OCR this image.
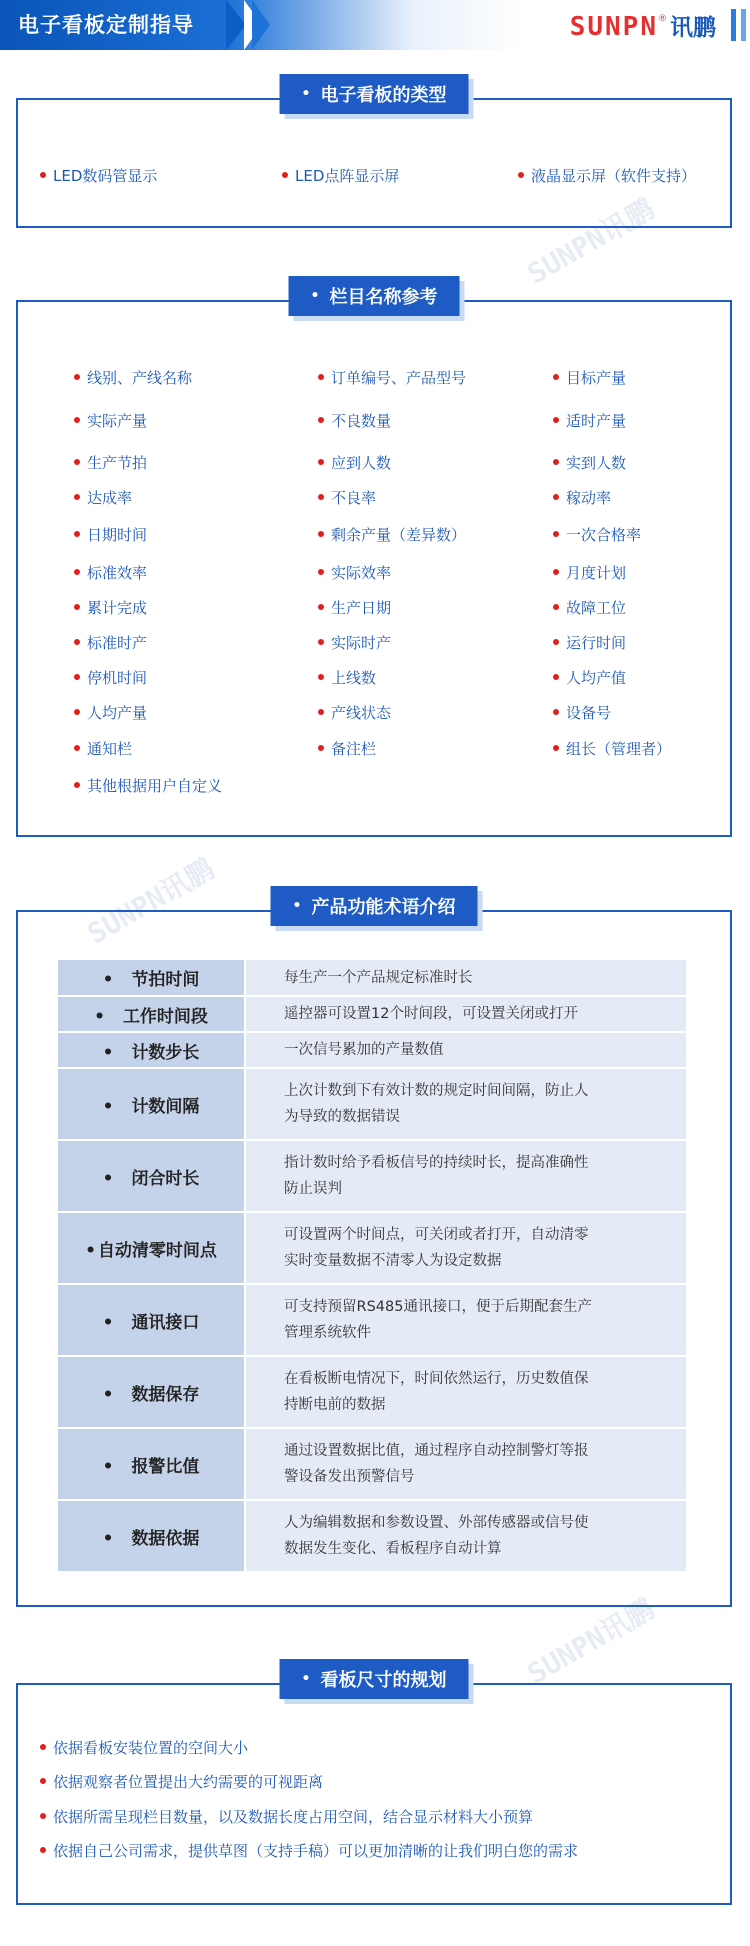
电子看板定制指导	SUNPN ® 讯鹏
SUNPN讯鹏
SUNPN讯鹏
SUNPN讯鹏
• 电子看板的类型
LED数码管显示	LED点阵显示屏	液晶显示屏（软件支持）
• 栏目名称参考
线别、产线名称	订单编号、产品型号	目标产量
实际产量	不良数量	适时产量
生产节拍	应到人数	实到人数
达成率	不良率	稼动率
日期时间	剩余产量（差异数）	一次合格率
标准效率	实际效率	月度计划
累计完成	生产日期	故障工位
标准时产	实际时产	运行时间
停机时间	上线数	人均产值
人均产量	产线状态	设备号
通知栏	备注栏	组长（管理者）
其他根据用户自定义
• 产品功能术语介绍
• 节拍时间	每生产一个产品规定标准时长

• 工作时间段	遥控器可设置12个时间段，可设置关闭或打开

• 计数步长	一次信号累加的产量数值

• 计数间隔	上次计数到下有效计数的规定时间间隔，防止人
为导致的数据错误

• 闭合时长	指计数时给予看板信号的持续时长，提高准确性
防止误判

• 自动清零时间点	可设置两个时间点，可关闭或者打开，自动清零
实时变量数据不清零人为设定数据

• 通讯接口	可支持预留RS485通讯接口，便于后期配套生产
管理系统软件

• 数据保存	在看板断电情况下，时间依然运行，历史数值保
持断电前的数据

• 报警比值	通过设置数据比值，通过程序自动控制警灯等报
警设备发出预警信号

• 数据依据	人为编辑数据和参数设置、外部传感器或信号使
数据发生变化、看板程序自动计算
• 看板尺寸的规划
依据看板安装位置的空间大小
依据观察者位置提出大约需要的可视距离
依据所需呈现栏目数量，以及数据长度占用空间，结合显示材料大小预算
依据自己公司需求，提供草图（支持手稿）可以更加清晰的让我们明白您的需求
